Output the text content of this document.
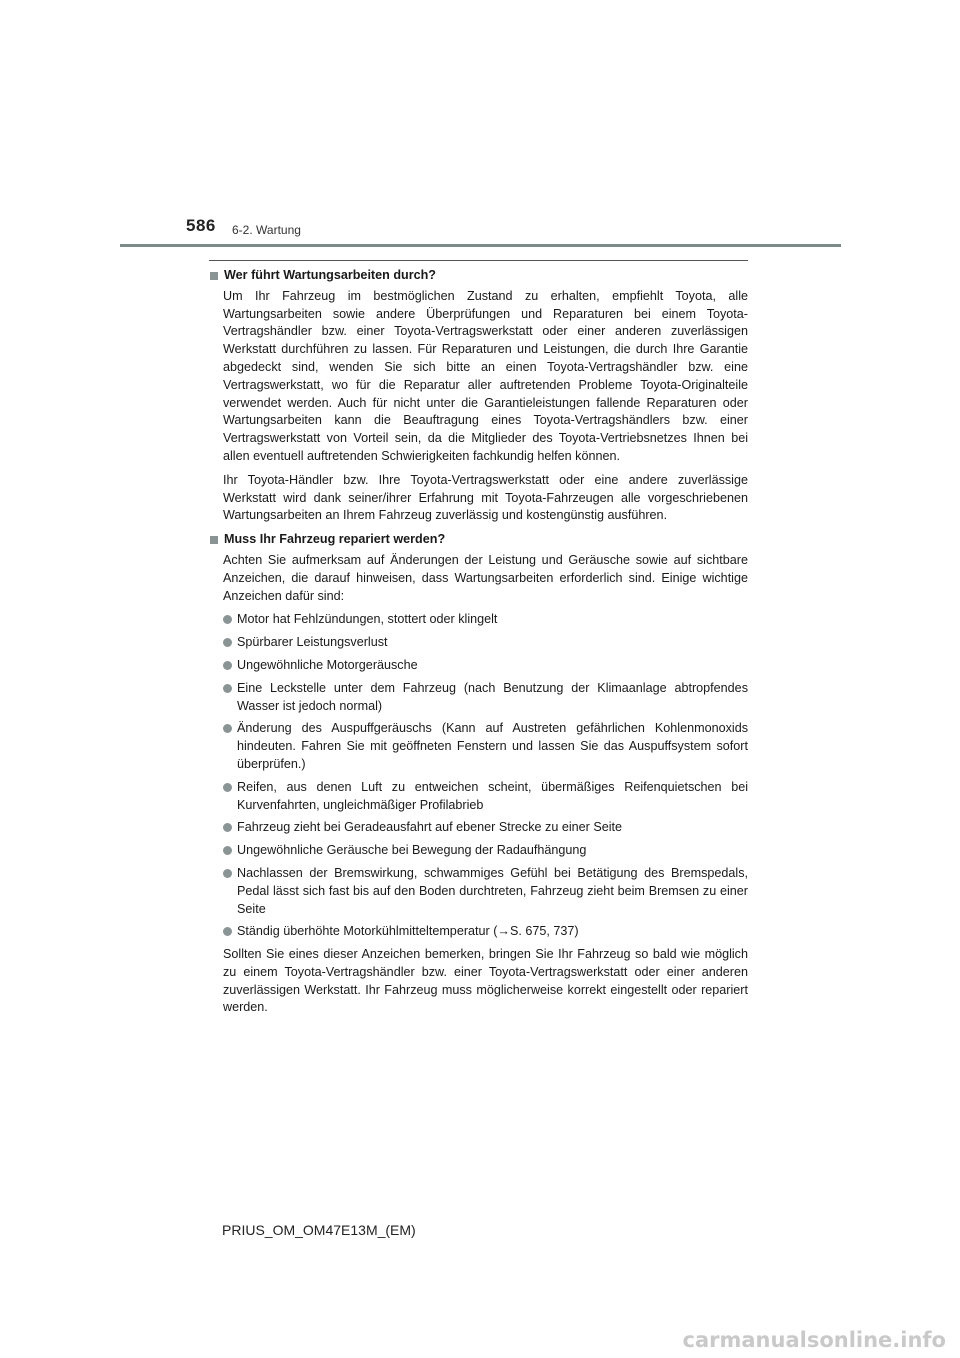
586 6-2. Wartung
Wer führt Wartungsarbeiten durch?

Um Ihr Fahrzeug im bestmöglichen Zustand zu erhalten, empfiehlt Toyota, alle Wartungsarbeiten sowie andere Überprüfungen und Reparaturen bei einem Toyota-Vertragshändler bzw. einer Toyota-Vertragswerkstatt oder einer anderen zuverlässigen Werkstatt durchführen zu lassen. Für Reparaturen und Leistungen, die durch Ihre Garantie abgedeckt sind, wenden Sie sich bitte an einen Toyota-Vertragshändler bzw. eine Vertragswerkstatt, wo für die Reparatur aller auftretenden Probleme Toyota-Originalteile verwendet werden. Auch für nicht unter die Garantieleistungen fallende Reparaturen oder Wartungsarbeiten kann die Beauftragung eines Toyota-Vertragshändlers bzw. einer Vertragswerkstatt von Vorteil sein, da die Mitglieder des Toyota-Vertriebsnetzes Ihnen bei allen eventuell auftretenden Schwierigkeiten fachkundig helfen können.

Ihr Toyota-Händler bzw. Ihre Toyota-Vertragswerkstatt oder eine andere zuverlässige Werkstatt wird dank seiner/ihrer Erfahrung mit Toyota-Fahrzeugen alle vorgeschriebenen Wartungsarbeiten an Ihrem Fahrzeug zuverlässig und kostengünstig ausführen.

Muss Ihr Fahrzeug repariert werden?

Achten Sie aufmerksam auf Änderungen der Leistung und Geräusche sowie auf sichtbare Anzeichen, die darauf hinweisen, dass Wartungsarbeiten erforderlich sind. Einige wichtige Anzeichen dafür sind:

Motor hat Fehlzündungen, stottert oder klingelt
Spürbarer Leistungsverlust
Ungewöhnliche Motorgeräusche
Eine Leckstelle unter dem Fahrzeug (nach Benutzung der Klimaanlage abtropfendes Wasser ist jedoch normal)
Änderung des Auspuffgeräuschs (Kann auf Austreten gefährlichen Kohlenmonoxids hindeuten. Fahren Sie mit geöffneten Fenstern und lassen Sie das Auspuffsystem sofort überprüfen.)
Reifen, aus denen Luft zu entweichen scheint, übermäßiges Reifenquietschen bei Kurvenfahrten, ungleichmäßiger Profilabrieb
Fahrzeug zieht bei Geradeausfahrt auf ebener Strecke zu einer Seite
Ungewöhnliche Geräusche bei Bewegung der Radaufhängung
Nachlassen der Bremswirkung, schwammiges Gefühl bei Betätigung des Bremspedals, Pedal lässt sich fast bis auf den Boden durchtreten, Fahrzeug zieht beim Bremsen zu einer Seite
Ständig überhöhte Motorkühlmitteltemperatur (→S. 675, 737)

Sollten Sie eines dieser Anzeichen bemerken, bringen Sie Ihr Fahrzeug so bald wie möglich zu einem Toyota-Vertragshändler bzw. einer Toyota-Vertragswerkstatt oder einer anderen zuverlässigen Werkstatt. Ihr Fahrzeug muss möglicherweise korrekt eingestellt oder repariert werden.

PRIUS_OM_OM47E13M_(EM)
carmanualsonline.info
